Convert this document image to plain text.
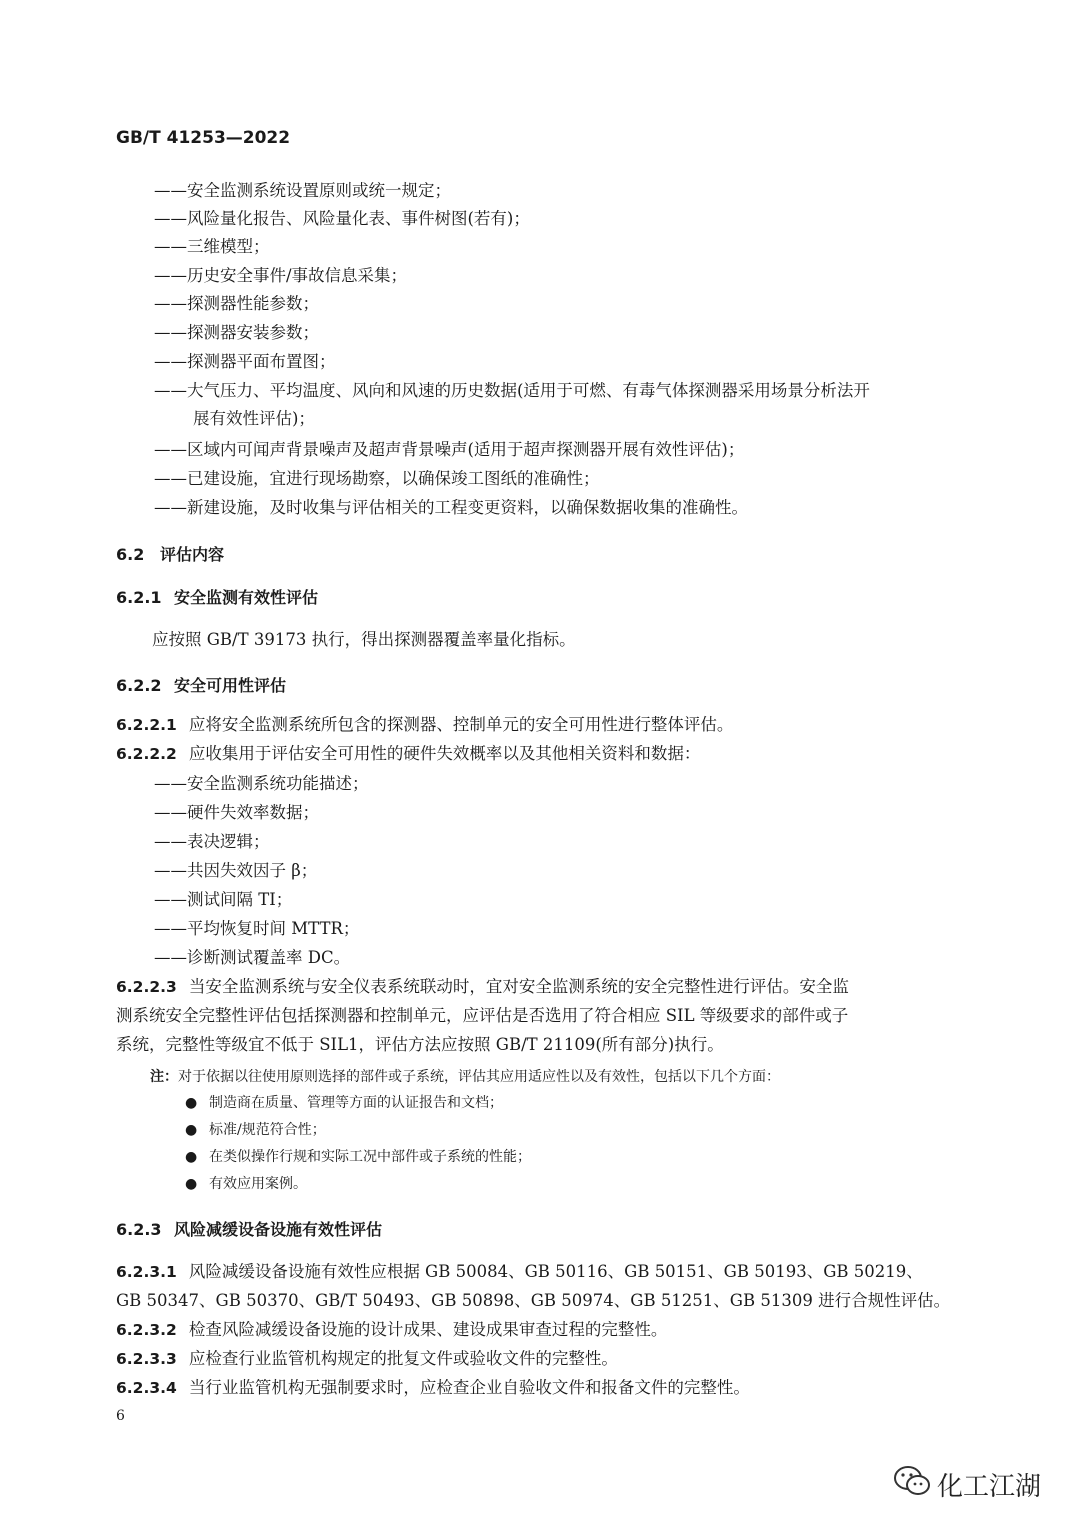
GB/T 41253—2022
——安全监测系统设置原则或统一规定；
——风险量化报告、风险量化表、事件树图(若有)；
——三维模型；
——历史安全事件/事故信息采集；
——探测器性能参数；
——探测器安装参数；
——探测器平面布置图；
——大气压力、平均温度、风向和风速的历史数据(适用于可燃、有毒气体探测器采用场景分析法开
展有效性评估)；
——区域内可闻声背景噪声及超声背景噪声(适用于超声探测器开展有效性评估)；
——已建设施，宜进行现场勘察，以确保竣工图纸的准确性；
——新建设施，及时收集与评估相关的工程变更资料，以确保数据收集的准确性。
6.2 评估内容
6.2.1 安全监测有效性评估
应按照 GB/T 39173 执行，得出探测器覆盖率量化指标。
6.2.2 安全可用性评估
6.2.2.1 应将安全监测系统所包含的探测器、控制单元的安全可用性进行整体评估。
6.2.2.2 应收集用于评估安全可用性的硬件失效概率以及其他相关资料和数据：
——安全监测系统功能描述；
——硬件失效率数据；
——表决逻辑；
——共因失效因子 β；
——测试间隔 TI；
——平均恢复时间 MTTR；
——诊断测试覆盖率 DC。
6.2.2.3 当安全监测系统与安全仪表系统联动时，宜对安全监测系统的安全完整性进行评估。安全监
测系统安全完整性评估包括探测器和控制单元，应评估是否选用了符合相应 SIL 等级要求的部件或子
系统，完整性等级宜不低于 SIL1，评估方法应按照 GB/T 21109(所有部分)执行。
注：对于依据以往使用原则选择的部件或子系统，评估其应用适应性以及有效性，包括以下几个方面：
● 制造商在质量、管理等方面的认证报告和文档；
● 标准/规范符合性；
● 在类似操作行规和实际工况中部件或子系统的性能；
● 有效应用案例。
6.2.3 风险减缓设备设施有效性评估
6.2.3.1 风险减缓设备设施有效性应根据 GB 50084、GB 50116、GB 50151、GB 50193、GB 50219、
GB 50347、GB 50370、GB/T 50493、GB 50898、GB 50974、GB 51251、GB 51309 进行合规性评估。
6.2.3.2 检查风险减缓设备设施的设计成果、建设成果审查过程的完整性。
6.2.3.3 应检查行业监管机构规定的批复文件或验收文件的完整性。
6.2.3.4 当行业监管机构无强制要求时，应检查企业自验收文件和报备文件的完整性。
6
化工江湖
